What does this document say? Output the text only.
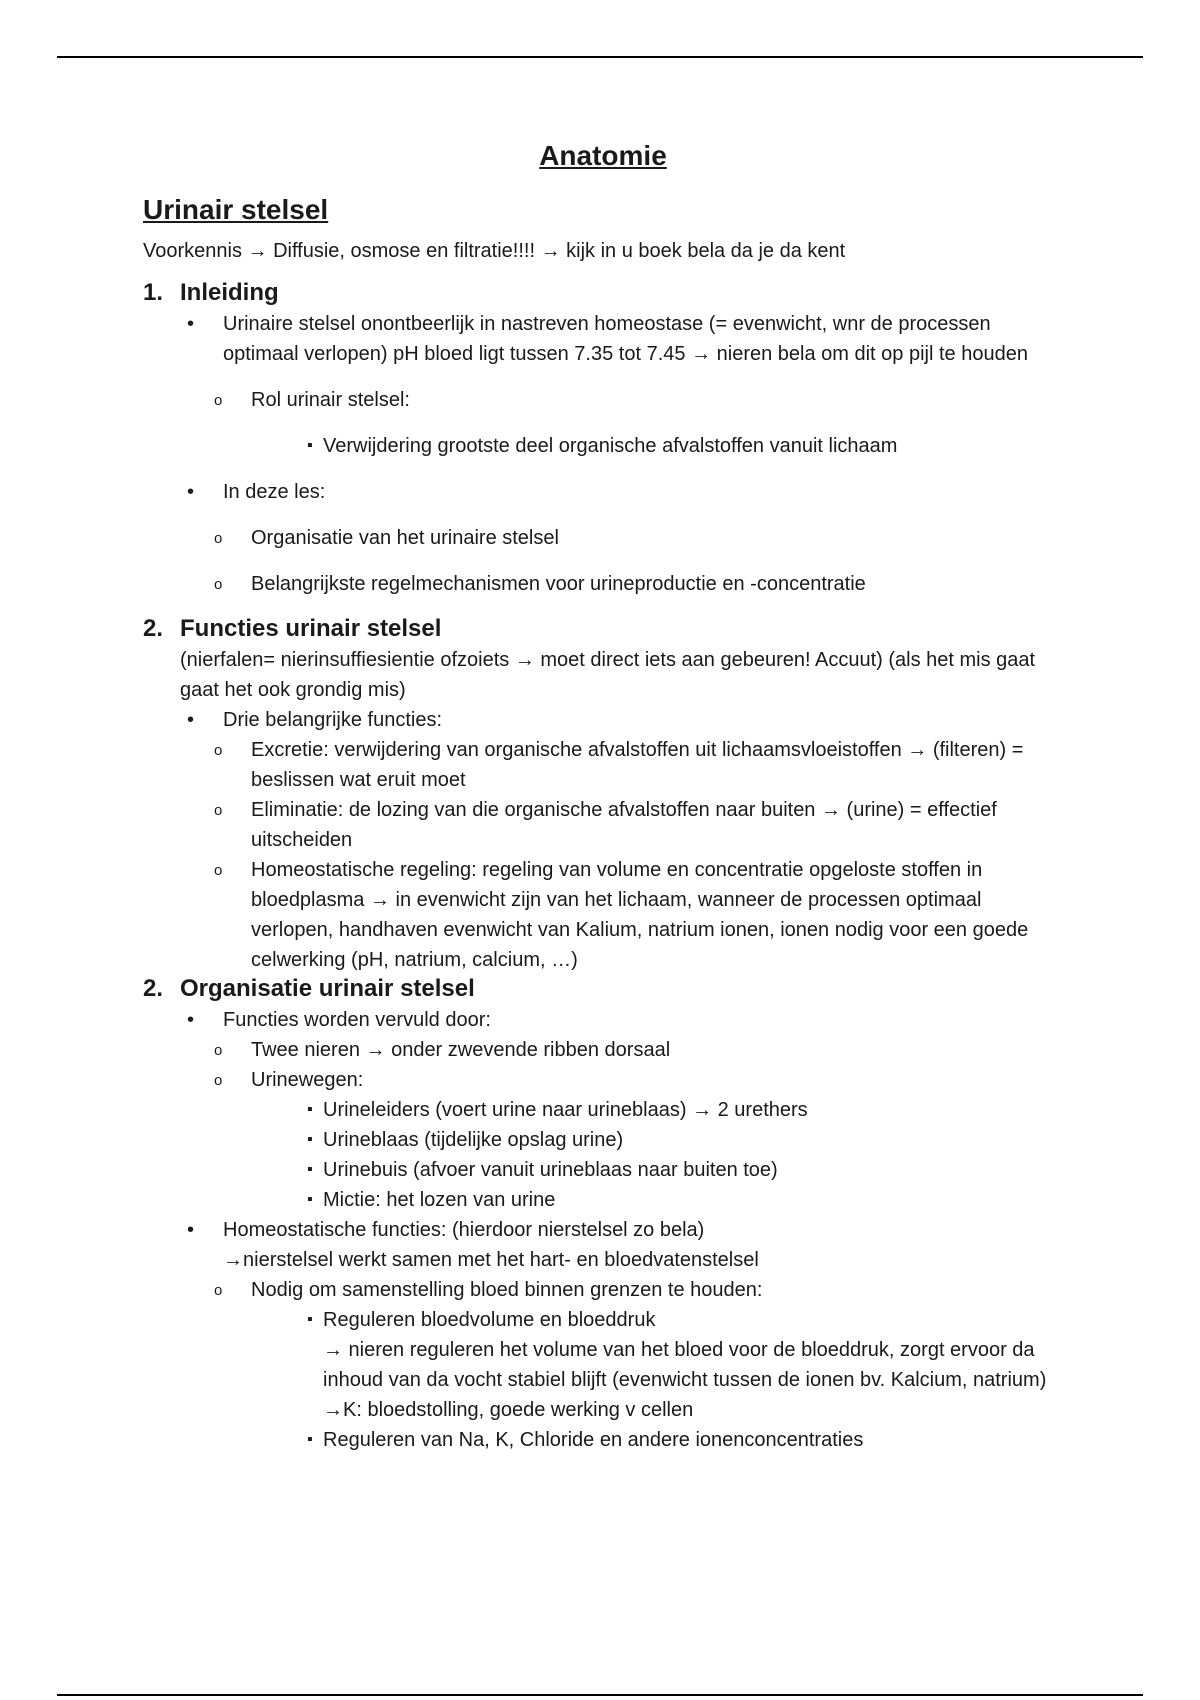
Anatomie
Urinair stelsel
Voorkennis → Diffusie, osmose en filtratie!!!! → kijk in u boek bela da je da kent
1. Inleiding
• Urinaire stelsel onontbeerlijk in nastreven homeostase (= evenwicht, wnr de processen optimaal verlopen) pH bloed ligt tussen 7.35 tot 7.45 → nieren bela om dit op pijl te houden
o Rol urinair stelsel:
▪ Verwijdering grootste deel organische afvalstoffen vanuit lichaam
• In deze les:
o Organisatie van het urinaire stelsel
o Belangrijkste regelmechanismen voor urineproductie en -concentratie
2. Functies urinair stelsel
(nierfalen= nierinsuffiesientie ofzoiets → moet direct iets aan gebeuren! Accuut) (als het mis gaat gaat het ook grondig mis)
• Drie belangrijke functies:
o Excretie: verwijdering van organische afvalstoffen uit lichaamsvloeistoffen → (filteren) = beslissen wat eruit moet
o Eliminatie: de lozing van die organische afvalstoffen naar buiten → (urine) = effectief uitscheiden
o Homeostatische regeling: regeling van volume en concentratie opgeloste stoffen in bloedplasma → in evenwicht zijn van het lichaam, wanneer de processen optimaal verlopen, handhaven evenwicht van Kalium, natrium ionen, ionen nodig voor een goede celwerking (pH, natrium, calcium, …)
2. Organisatie urinair stelsel
• Functies worden vervuld door:
o Twee nieren → onder zwevende ribben dorsaal
o Urinewegen:
▪ Urineleiders (voert urine naar urineblaas) → 2 urethers
▪ Urineblaas (tijdelijke opslag urine)
▪ Urinebuis (afvoer vanuit urineblaas naar buiten toe)
▪ Mictie: het lozen van urine
• Homeostatische functies: (hierdoor nierstelsel zo bela)
→nierstelsel werkt samen met het hart- en bloedvatenstelsel
o Nodig om samenstelling bloed binnen grenzen te houden:
▪ Reguleren bloedvolume en bloeddruk
→ nieren reguleren het volume van het bloed voor de bloeddruk, zorgt ervoor da inhoud van da vocht stabiel blijft (evenwicht tussen de ionen bv. Kalcium, natrium) →K: bloedstolling, goede werking v cellen
▪ Reguleren van Na, K, Chloride en andere ionenconcentraties
